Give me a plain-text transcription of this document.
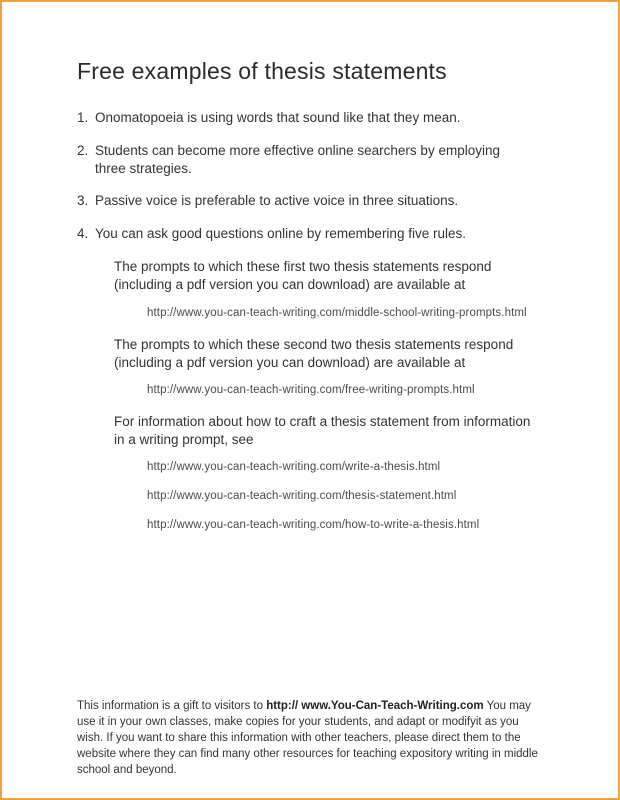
Free examples of thesis statements
1. Onomatopoeia is using words that sound like that they mean.
2. Students can become more effective online searchers by employing three strategies.
3. Passive voice is preferable to active voice in three situations.
4. You can ask good questions online by remembering five rules.

The prompts to which these first two thesis statements respond (including a pdf version you can download) are available at

http://www.you-can-teach-writing.com/middle-school-writing-prompts.html

The prompts to which these second two thesis statements respond (including a pdf version you can download) are available at

http://www.you-can-teach-writing.com/free-writing-prompts.html

For information about how to craft a thesis statement from information in a writing prompt, see

http://www.you-can-teach-writing.com/write-a-thesis.html

http://www.you-can-teach-writing.com/thesis-statement.html

http://www.you-can-teach-writing.com/how-to-write-a-thesis.html

This information is a gift to visitors to http:// www.You-Can-Teach-Writing.com You may use it in your own classes, make copies for your students, and adapt or modifyit as you wish. If you want to share this information with other teachers, please direct them to the website where they can find many other resources for teaching expository writing in middle school and beyond.
